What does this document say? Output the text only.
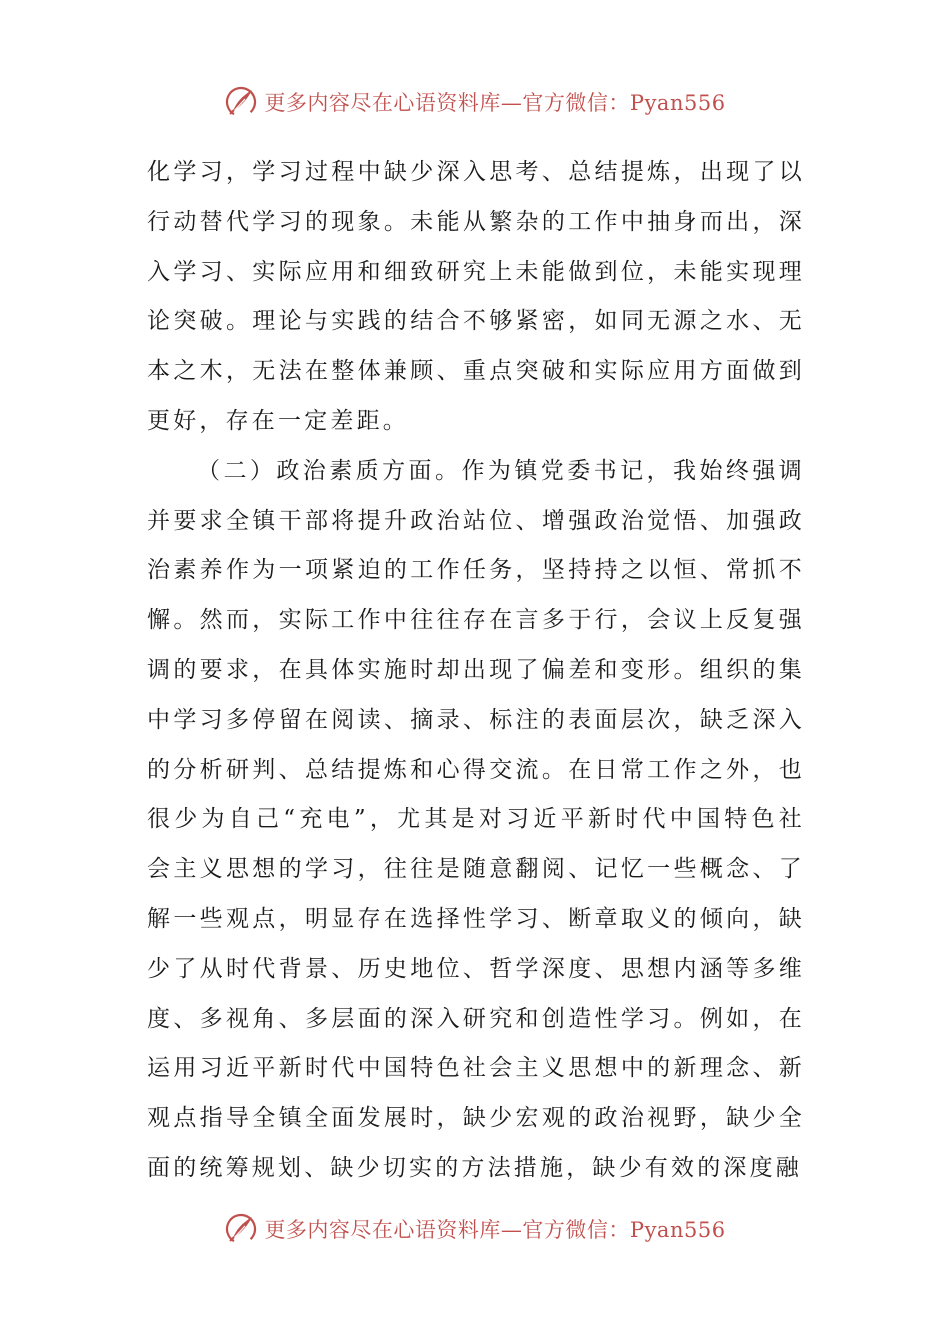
更多内容尽在心语资料库—官方微信：Pyan556

化学习，学习过程中缺少深入思考、总结提炼，出现了以行动替代学习的现象。未能从繁杂的工作中抽身而出，深入学习、实际应用和细致研究上未能做到位，未能实现理论突破。理论与实践的结合不够紧密，如同无源之水、无本之木，无法在整体兼顾、重点突破和实际应用方面做到更好，存在一定差距。

（二）政治素质方面。作为镇党委书记，我始终强调并要求全镇干部将提升政治站位、增强政治觉悟、加强政治素养作为一项紧迫的工作任务，坚持持之以恒、常抓不懈。然而，实际工作中往往存在言多于行，会议上反复强调的要求，在具体实施时却出现了偏差和变形。组织的集中学习多停留在阅读、摘录、标注的表面层次，缺乏深入的分析研判、总结提炼和心得交流。在日常工作之外，也很少为自己“充电”，尤其是对习近平新时代中国特色社会主义思想的学习，往往是随意翻阅、记忆一些概念、了解一些观点，明显存在选择性学习、断章取义的倾向，缺少了从时代背景、历史地位、哲学深度、思想内涵等多维度、多视角、多层面的深入研究和创造性学习。例如，在运用习近平新时代中国特色社会主义思想中的新理念、新观点指导全镇全面发展时，缺少宏观的政治视野，缺少全面的统筹规划、缺少切实的方法措施，缺少有效的深度融

更多内容尽在心语资料库—官方微信：Pyan556
